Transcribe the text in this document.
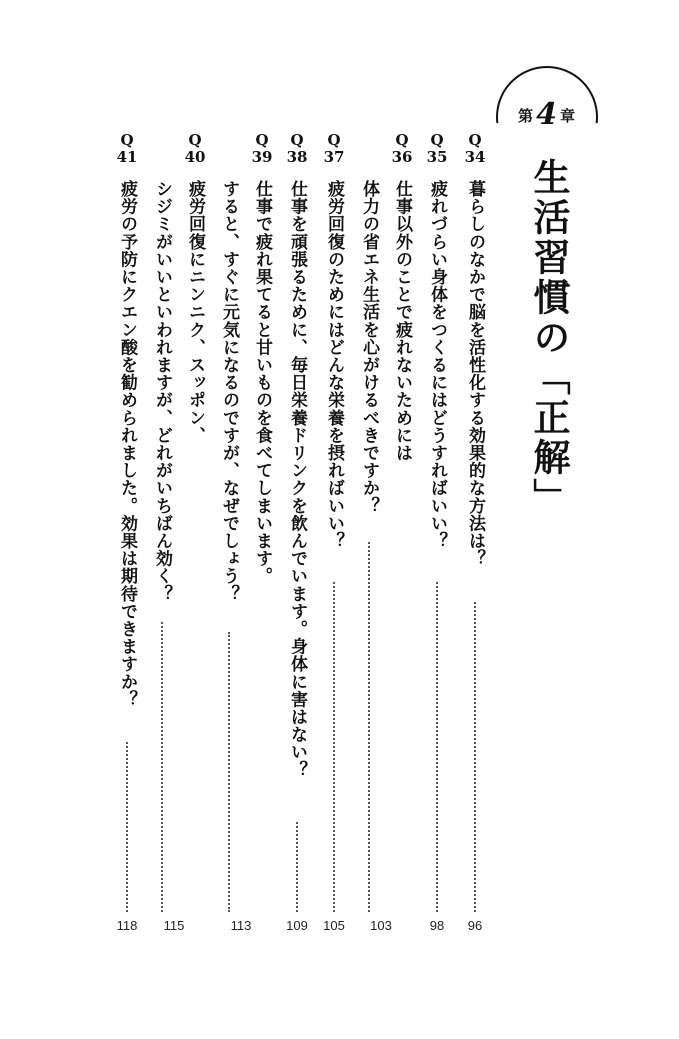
第 4 章
生活習慣の「正解」
Q
34
暮らしのなかで脳を活性化する効果的な方法は？
96
Q
35
疲れづらい身体をつくるにはどうすればいい？
98
Q
36
仕事以外のことで疲れないためには
体力の省エネ生活を心がけるべきですか？
103
Q
37
疲労回復のためにはどんな栄養を摂ればいい？
105
Q
38
仕事を頑張るために、毎日栄養ドリンクを飲んでいます。身体に害はない？
109
Q
39
仕事で疲れ果てると甘いものを食べてしまいます。
すると、すぐに元気になるのですが、なぜでしょう？
113
Q
40
疲労回復にニンニク、スッポン、
シジミがいいといわれますが、どれがいちばん効く？
115
Q
41
疲労の予防にクエン酸を勧められました。効果は期待できますか？
118
